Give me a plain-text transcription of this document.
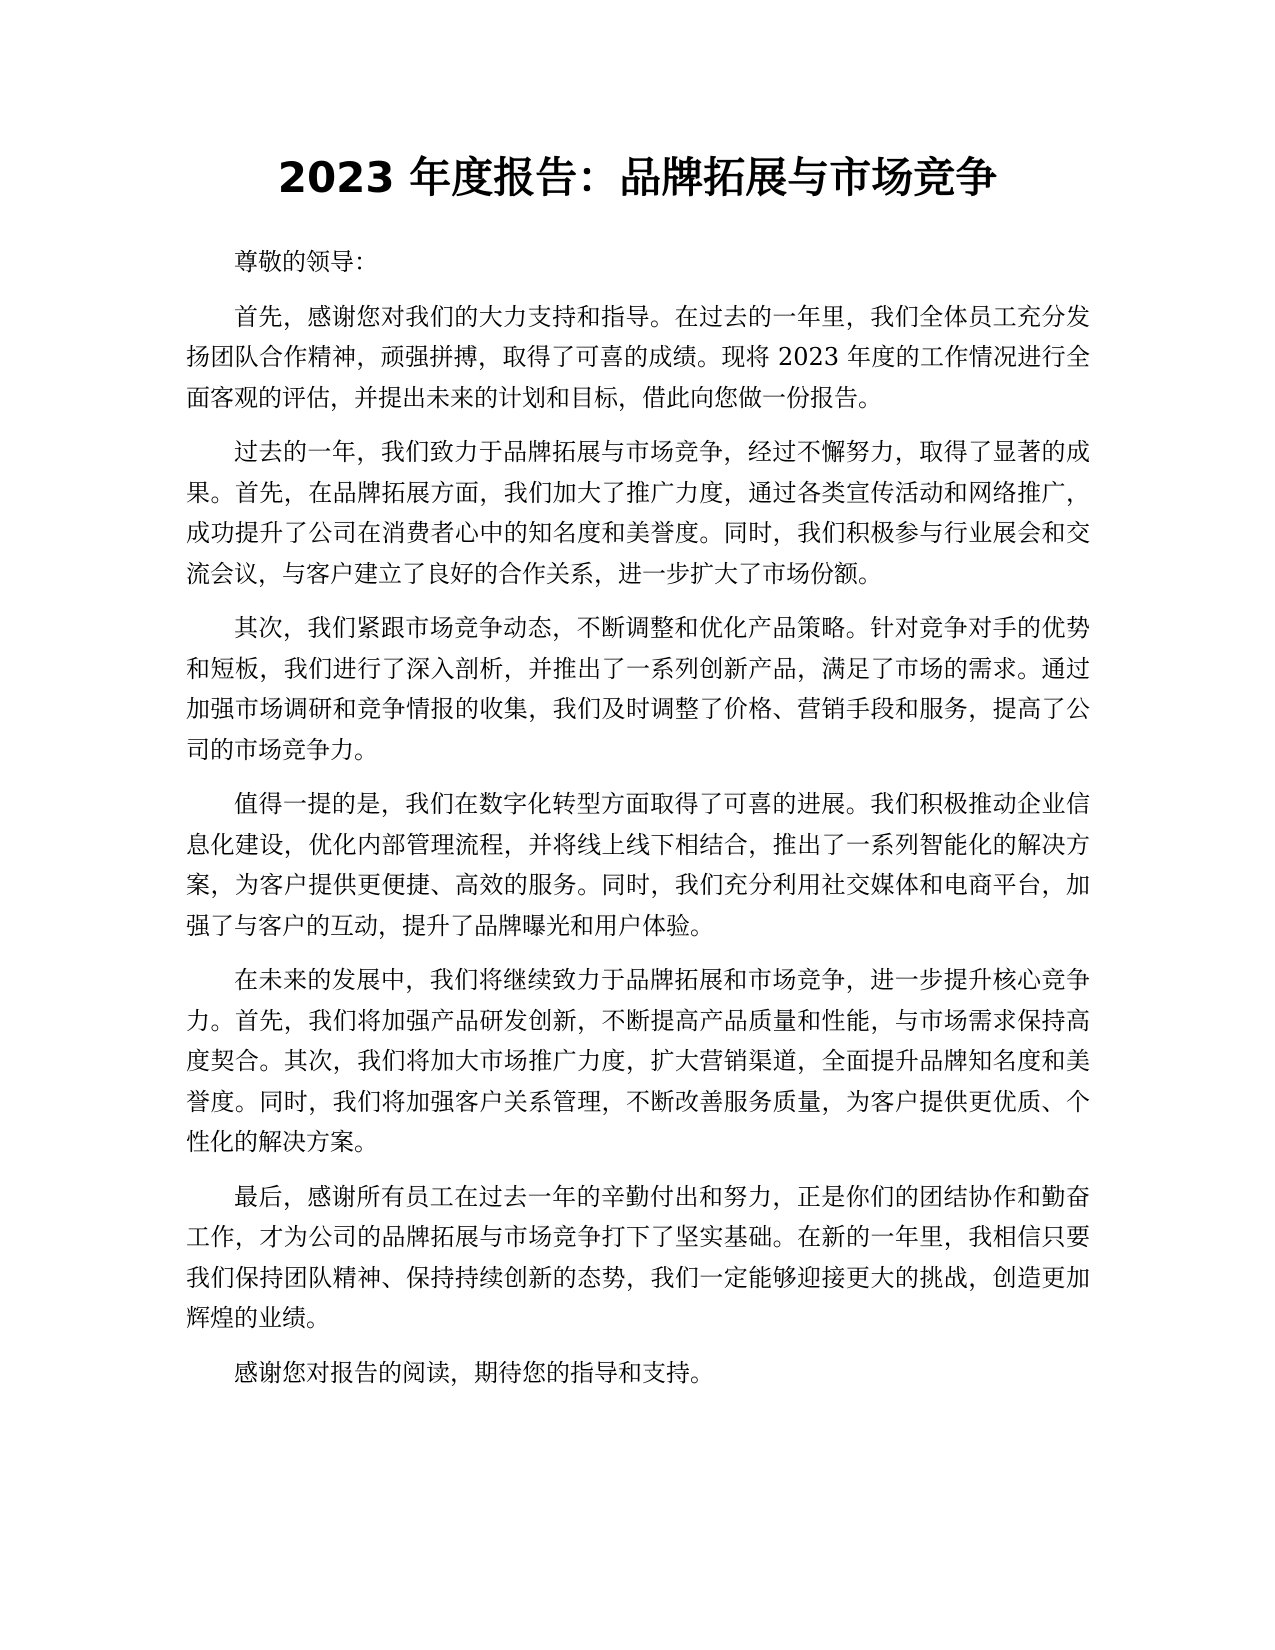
2023 年度报告：品牌拓展与市场竞争

尊敬的领导：

首先，感谢您对我们的大力支持和指导。在过去的一年里，我们全体员工充分发扬团队合作精神，顽强拼搏，取得了可喜的成绩。现将 2023 年度的工作情况进行全面客观的评估，并提出未来的计划和目标，借此向您做一份报告。

过去的一年，我们致力于品牌拓展与市场竞争，经过不懈努力，取得了显著的成果。首先，在品牌拓展方面，我们加大了推广力度，通过各类宣传活动和网络推广，成功提升了公司在消费者心中的知名度和美誉度。同时，我们积极参与行业展会和交流会议，与客户建立了良好的合作关系，进一步扩大了市场份额。

其次，我们紧跟市场竞争动态，不断调整和优化产品策略。针对竞争对手的优势和短板，我们进行了深入剖析，并推出了一系列创新产品，满足了市场的需求。通过加强市场调研和竞争情报的收集，我们及时调整了价格、营销手段和服务，提高了公司的市场竞争力。

值得一提的是，我们在数字化转型方面取得了可喜的进展。我们积极推动企业信息化建设，优化内部管理流程，并将线上线下相结合，推出了一系列智能化的解决方案，为客户提供更便捷、高效的服务。同时，我们充分利用社交媒体和电商平台，加强了与客户的互动，提升了品牌曝光和用户体验。

在未来的发展中，我们将继续致力于品牌拓展和市场竞争，进一步提升核心竞争力。首先，我们将加强产品研发创新，不断提高产品质量和性能，与市场需求保持高度契合。其次，我们将加大市场推广力度，扩大营销渠道，全面提升品牌知名度和美誉度。同时，我们将加强客户关系管理，不断改善服务质量，为客户提供更优质、个性化的解决方案。

最后，感谢所有员工在过去一年的辛勤付出和努力，正是你们的团结协作和勤奋工作，才为公司的品牌拓展与市场竞争打下了坚实基础。在新的一年里，我相信只要我们保持团队精神、保持持续创新的态势，我们一定能够迎接更大的挑战，创造更加辉煌的业绩。

感谢您对报告的阅读，期待您的指导和支持。
